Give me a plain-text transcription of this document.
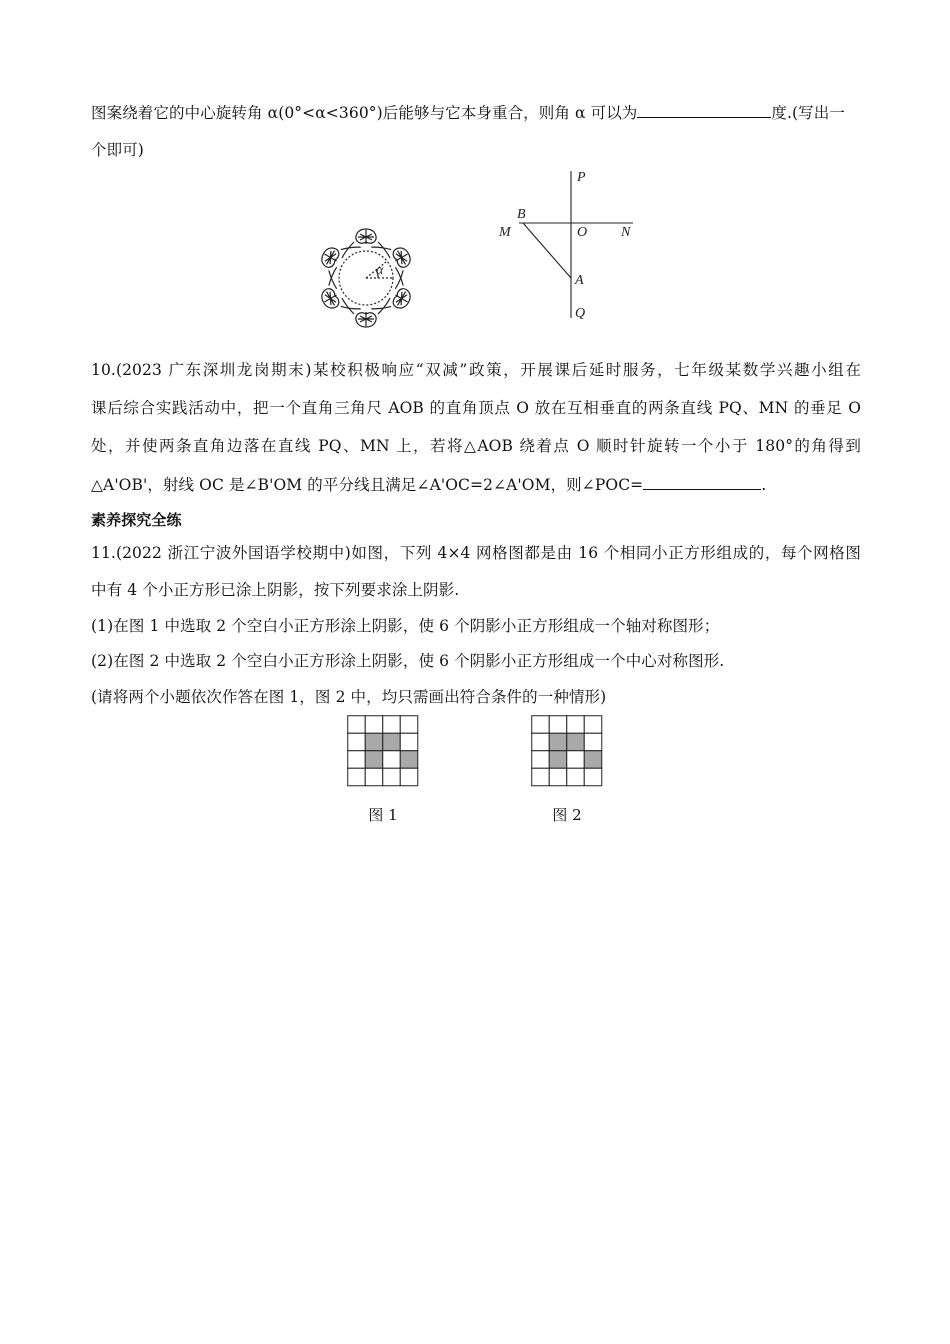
图案绕着它的中心旋转角 α(0°<α<360°)后能够与它本身重合，则角 α 可以为	度.(写出一
个即可)
α
P
B
M	O N
A
Q
10.(2023 广东深圳龙岗期末)某校积极响应“双减”政策，开展课后延时服务，七年级某数学兴趣小组在
课后综合实践活动中，把一个直角三角尺 AOB 的直角顶点 O 放在互相垂直的两条直线 PQ、MN 的垂足 O
处，并使两条直角边落在直线 PQ、MN 上，若将△AOB 绕着点 O 顺时针旋转一个小于 180°的角得到
△A'OB'，射线 OC 是∠B'OM 的平分线且满足∠A'OC=2∠A'OM，则∠POC=	.
素养探究全练
11.(2022 浙江宁波外国语学校期中)如图，下列 4×4 网格图都是由 16 个相同小正方形组成的，每个网格图
中有 4 个小正方形已涂上阴影，按下列要求涂上阴影.
(1)在图 1 中选取 2 个空白小正方形涂上阴影，使 6 个阴影小正方形组成一个轴对称图形；
(2)在图 2 中选取 2 个空白小正方形涂上阴影，使 6 个阴影小正方形组成一个中心对称图形.
(请将两个小题依次作答在图 1，图 2 中，均只需画出符合条件的一种情形)
图 1	图 2
